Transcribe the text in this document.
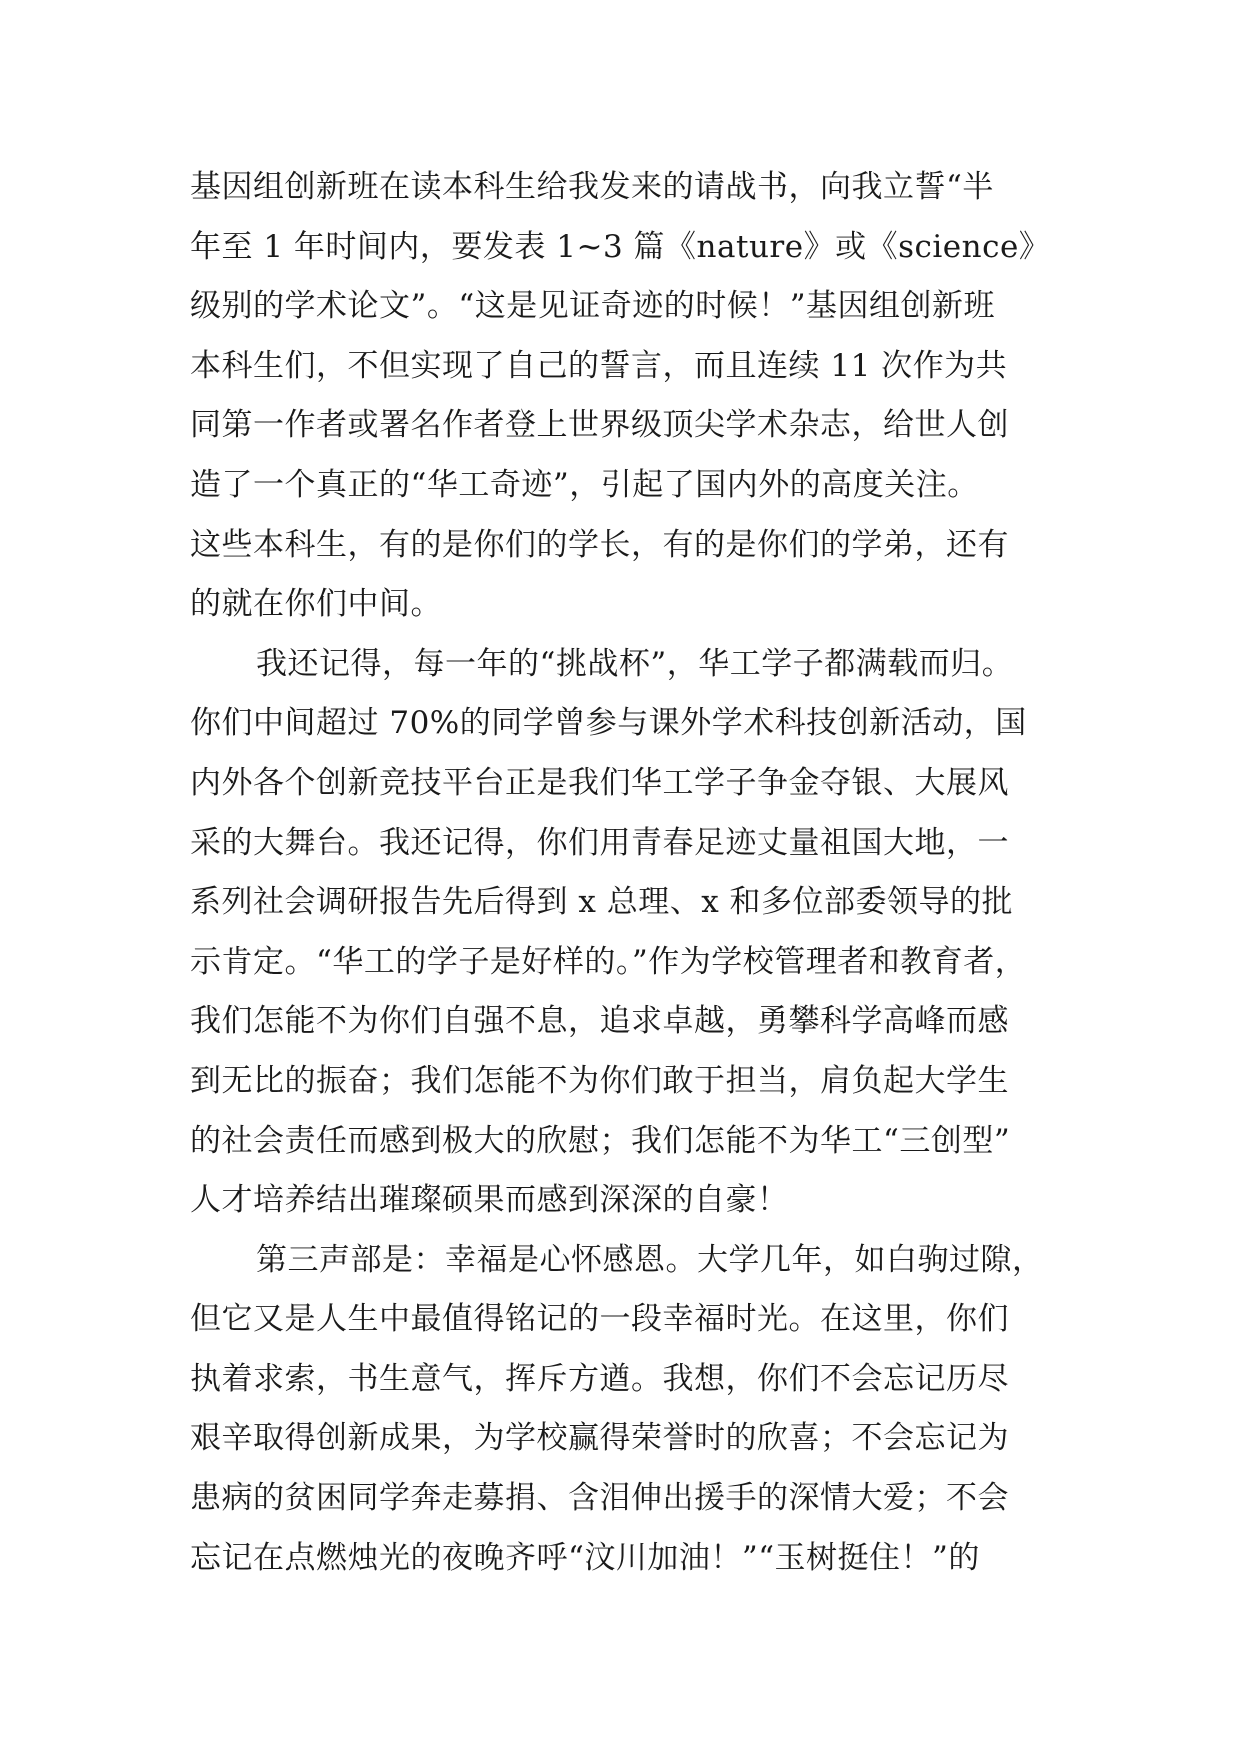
基因组创新班在读本科生给我发来的请战书，向我立誓“半
年至 1 年时间内，要发表 1~3 篇《nature》或《science》
级别的学术论文”。“这是见证奇迹的时候！”基因组创新班
本科生们，不但实现了自己的誓言，而且连续 11 次作为共
同第一作者或署名作者登上世界级顶尖学术杂志，给世人创
造了一个真正的“华工奇迹”，引起了国内外的高度关注。
这些本科生，有的是你们的学长，有的是你们的学弟，还有
的就在你们中间。
我还记得，每一年的“挑战杯”，华工学子都满载而归。
你们中间超过 70%的同学曾参与课外学术科技创新活动，国
内外各个创新竞技平台正是我们华工学子争金夺银、大展风
采的大舞台。我还记得，你们用青春足迹丈量祖国大地，一
系列社会调研报告先后得到 x 总理、x 和多位部委领导的批
示肯定。“华工的学子是好样的。”作为学校管理者和教育者，
我们怎能不为你们自强不息，追求卓越，勇攀科学高峰而感
到无比的振奋；我们怎能不为你们敢于担当，肩负起大学生
的社会责任而感到极大的欣慰；我们怎能不为华工“三创型”
人才培养结出璀璨硕果而感到深深的自豪！
第三声部是：幸福是心怀感恩。大学几年，如白驹过隙，
但它又是人生中最值得铭记的一段幸福时光。在这里，你们
执着求索，书生意气，挥斥方遒。我想，你们不会忘记历尽
艰辛取得创新成果，为学校赢得荣誉时的欣喜；不会忘记为
患病的贫困同学奔走募捐、含泪伸出援手的深情大爱；不会
忘记在点燃烛光的夜晚齐呼“汶川加油！”“玉树挺住！”的
